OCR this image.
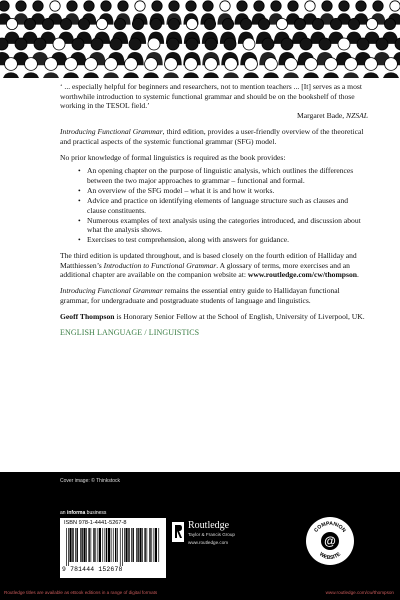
‘ ... especially helpful for beginners and researchers, not to mention teachers ... [It] serves as a most worthwhile introduction to systemic functional grammar and should be on the bookshelf of those working in the TESOL field.’

Margaret Bade, NZSAL

Introducing Functional Grammar, third edition, provides a user-friendly overview of the theoretical and practical aspects of the systemic functional grammar (SFG) model.

No prior knowledge of formal linguistics is required as the book provides:

• An opening chapter on the purpose of linguistic analysis, which outlines the differences between the two major approaches to grammar – functional and formal.
• An overview of the SFG model – what it is and how it works.
• Advice and practice on identifying elements of language structure such as clauses and clause constituents.
• Numerous examples of text analysis using the categories introduced, and discussion about what the analysis shows.
• Exercises to test comprehension, along with answers for guidance.

The third edition is updated throughout, and is based closely on the fourth edition of Halliday and Matthiessen’s Introduction to Functional Grammar. A glossary of terms, more exercises and an additional chapter are available on the companion website at: www.routledge.com/cw/thompson.

Introducing Functional Grammar remains the essential entry guide to Hallidayan functional grammar, for undergraduate and postgraduate students of language and linguistics.

Geoff Thompson is Honorary Senior Fellow at the School of English, University of Liverpool, UK.

ENGLISH LANGUAGE / LINGUISTICS

Cover image: © Thinkstock
an informa business
ISBN 978-1-4441-5267-8
9 781444 152678
Routledge
Taylor & Francis Group
www.routledge.com
COMPANION
WEBSITE
@
Routledge titles are available as eBook editions in a range of digital formats	www.routledge.com/cw/thompson
